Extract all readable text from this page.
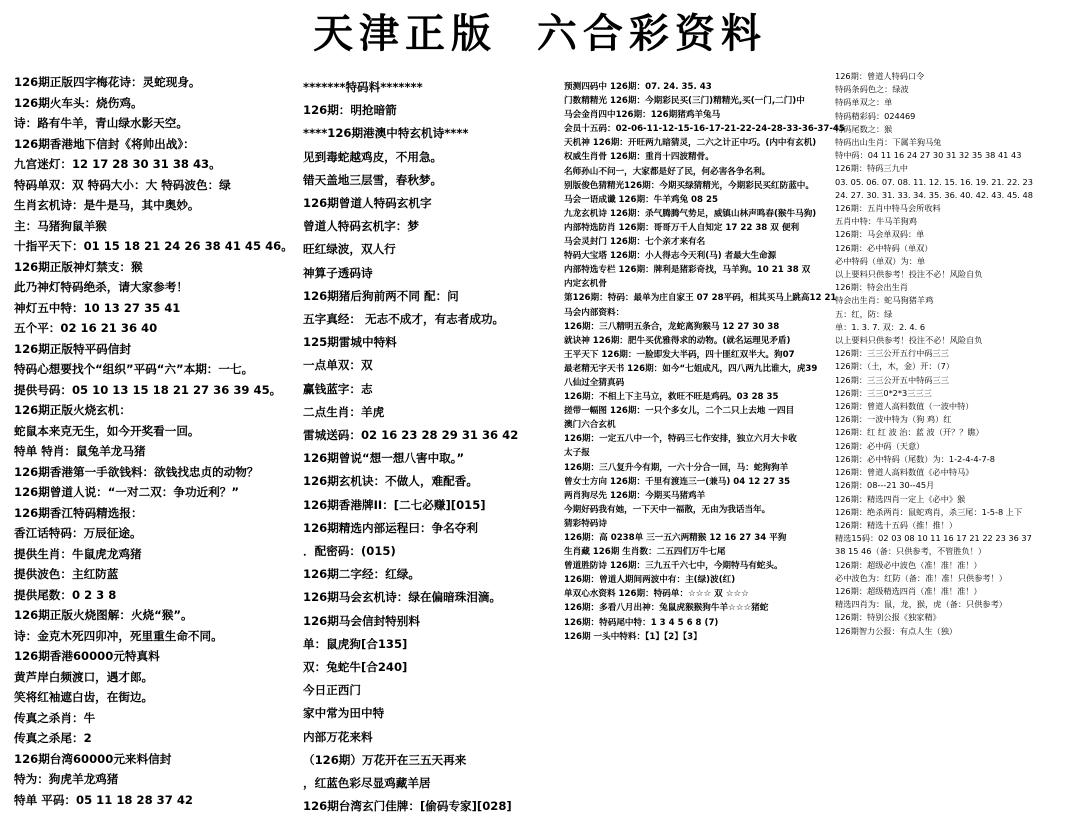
天津正版  六合彩资料
126期正版四字梅花诗：灵蛇现身。
126期火车头：烧伤鸡。
诗：路有牛羊，青山绿水影天空。
126期香港地下信封《将帅出战》：
九宫迷灯：12 17 28 30 31 38 43。
特码单双：双 特码大小：大 特码波色：绿
生肖玄机诗：是牛是马，其中奥妙。
主：马猪狗鼠羊猴
十指平天下：01 15 18 21 24 26 38 41 45 46。
126期正版神灯禁支：猴
此乃神灯特码绝杀，请大家参考！
神灯五中特：10 13 27 35 41
五个平：02 16 21 36 40
126期正版特平码信封
特码心想要找个“组织”平码“六”本期：一七。
提供号码：05 10 13 15 18 21 27 36 39 45。
126期正版火烧玄机：
蛇鼠本来克无生，如今开奖看一回。
特单 特肖：鼠兔羊龙马猪
126期香港第一手欲钱料：欲钱找忠贞的动物？
126期曾道人说：“一对二双：争功近利？”
126期香江特码精选报：
香江话特码：万辰征途。
提供生肖：牛鼠虎龙鸡猪
提供波色：主红防蓝
提供尾数：0 2 3 8
126期正版火烧图解：火烧“猴”。
诗：金克木死四卯冲，死里重生命不同。
126期香港60000元特真料
黄芦岸白频渡口，遇才郎。
笑将红袖遮白齿，在街边。
传真之杀肖：牛
传真之杀尾：2
126期台湾60000元来料信封
特为：狗虎羊龙鸡猪
特单 平码：05 11 18 28 37 42
*******特码料*******
126期：明抢暗箭
****126期港澳中特玄机诗****
见到毒蛇越鸡皮，不用急。
错天盖地三层雪，春秋梦。
126期曾道人特码玄机字
曾道人特码玄机字：梦
旺红绿波，双人行
神算子透码诗
126期猪后狗前两不同 配：问
五字真经： 无志不成才，有志者成功。
125期雷城中特料
一点单双：双
赢钱蓝字：志
二点生肖：羊虎
雷城送码：02 16 23 28 29 31 36 42
126期曾说“想一想八害中取。”
126期玄机诀：不做人，难配香。
126期香港牌II：[二七必赚][015]
126期精选内部运程曰：争名夺利
．配密码：(015)
126期二字经：红绿。
126期马会玄机诗：绿在偏暗珠泪滴。
126期马会信封特别料
单：鼠虎狗[合135]
双：兔蛇牛[合240]
今日正西门
家中常为田中特
内部万花来料
（126期）万花开在三五天再来
，红蓝色彩尽显鸡藏羊居
126期台湾玄门佳牌：[偷码专家][028]
预测四码中 126期：07. 24. 35. 43
门数精精光 126期：今期彩民买(三门)精精光,买(一门,二门)中
马会金肖四中126期：126期猪鸡羊兔马
会员十五码：02-06-11-12-15-16-17-21-22-24-28-33-36-37-45
天机神 126期：开旺两九暗猜灵，二六之计正中巧。(内中有玄机)
权威生肖骨 126期：重肖十四波精骨。
名师孙山不问一，大家都是好了民，何必害各争名利。
别版俊色猜精光126期：今期买绿猜精光，今期彩民买红防蓝中。
马会一语成谶 126期：牛羊鸡兔 08 25
九龙玄机诗 126期：杀气腾腾气势足，威镇山林声鸣春(猴牛马狗)
内部特选防肖 126期：哥哥万千人自知定 17 22 38 双 便利
马会灵封门 126期：七个亲才来有名
特码大宝塔 126期：小人得志今天利(马) 者最大生命源
内部特选专栏 126期：牌利是猪彩奇找，马羊狗。10 21 38 双
内定玄机骨
第126期：特码：最单为庄自家王 07 28平码，相其买马上跳高12 21
马会内部资料：
126期：三八精明五条合，龙蛇离狗猴马 12 27 30 38
就诀神 126期：肥牛买优雅得求的动物。(就名运理见矛盾)
王平天下 126期：一脸即发大半码，四十匪红双半大。狗07
最老精无字天书 126期：如今“七姐成凡，四八两九比谁大，虎39
八仙过全猜真码
126期：不相上下主马立，救旺不旺是鸡码。03 28 35
搓带一幅图 126期：一只个多女儿，二个二只上去地 一四目
澳门六合玄机
126期：一定五八中一个，特码三七作安排，独立六月大卡收
太子报
126期：三八复升今有期，一六十分合一回，马：蛇狗狗羊
曾女士方向 126期：千里有渡连三一(兼马) 04 12 27 35
两肖狗尽先 126期：今期买马猪鸡羊
今期好码我有她，一下天中一福散，无由为我话当年。
猜彩特码诗
126期：高 0238单 三一五六两精猴 12 16 27 34 平狗
生肖藏 126期 生肖数：二五四们万牛七尾
曾道胜防诗 126期：三九五千六七中，今期特马有蛇头。
126期：曾道人期间两波中有：主(绿)波(红)
单双心水资料 126期：特码单：☆☆☆ 双 ☆☆☆
126期：多看八月出神：兔鼠虎猴猴狗牛羊☆☆☆猪蛇
126期：特码尾中特：1 3 4 5 6 8 (7)
126期 一头中特料：【1】【2】【3】
126期：曾道人特码口令
特码条码色之：绿波
特码单双之：单
特码精彩码：024469
特码尾数之：猴
特码出山生肖：下属羊狗马兔
特中码：04 11 16 24 27 30 31 32 35 38 41 43
126期：特码三九中
03. 05. 06. 07. 08. 11. 12. 15. 16. 19. 21. 22. 23
24. 27. 30. 31. 33. 34. 35. 36. 40. 42. 43. 45. 48
126期：五肖中特马会所收料
五肖中特：牛马羊狗鸡
126期：马会单双码：单
126期：必中特码（单双）
必中特码（单双）为：单
以上要料只供参考！投注不必！风险自负
126期：特会出生肖
特会出生肖：蛇马狗猪羊鸡
五：红，防：绿
单：1. 3. 7. 双：2. 4. 6
以上要料只供参考！投注不必！风险自负
126期：三三公开五行中码三三
126期：（土，木，金）开：（7）
126期：三三公开五中特码三三
126期：三三0*2*3三三三
126期：曾道人高料数值（一波中特）
126期：一波中特为（狗 鸡）红
126期：红 红 波 治：蓝 波（开？？瞧）
126期：必中码（天意）
126期：必中特码（尾数）为：1-2-4-4-7-8
126期：曾道人高料数值《必中特马》
126期：08---21 30--45月
126期：精选四肖一定上《必中》猴
126期：绝杀两肖：鼠蛇鸡肖，杀三尾：1-5-8 上下
126期：精选十五码（推！推！）
精选15码：02 03 08 10 11 16 17 21 22 23 36 37
38 15 46（备：只供参考，不管胜负！）
126期：超级必中波色（准！准！准！）
必中波色为：红防（备：准！准！只供参考！）
126期：超级精选四肖（准！准！准！）
精选四肖为：鼠，龙，猴，虎（备：只供参考）
126期：特别公报《独家精》
126期智力公报：有点人生（独）
